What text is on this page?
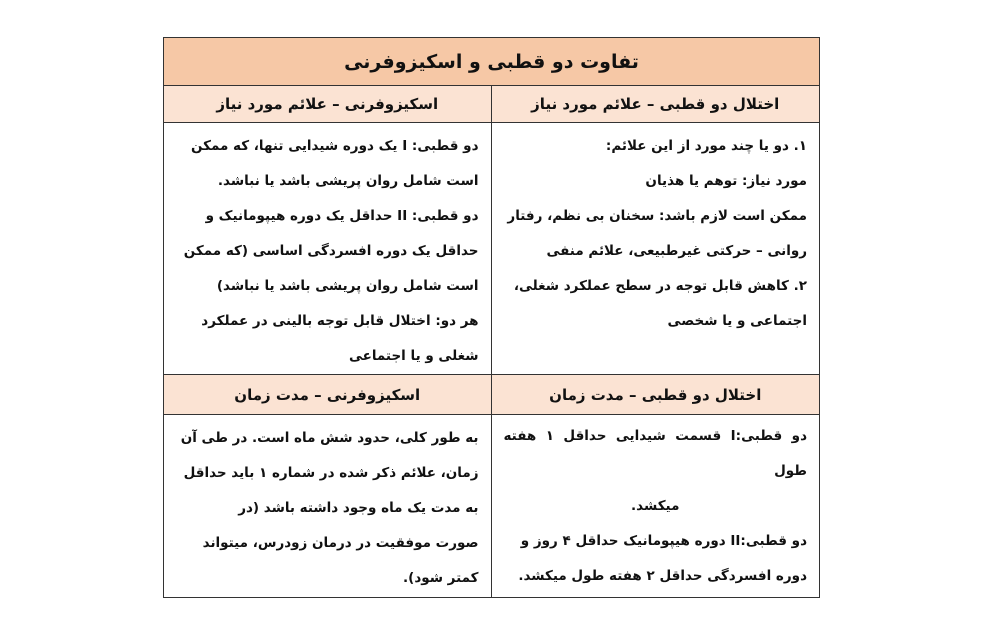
تفاوت دو قطبی و اسکیزوفرنی
اختلال دو قطبی – علائم مورد نیاز
اسکیزوفرنی – علائم مورد نیاز
۱. دو یا چند مورد از این علائم:
مورد نیاز: توهم یا هذیان
ممکن است لازم باشد: سخنان بی نظم، رفتار
روانی – حرکتی غیرطبیعی، علائم منفی
۲. کاهش قابل توجه در سطح عملکرد شغلی،
اجتماعی و یا شخصی
دو قطبی: I یک دوره شیدایی تنها، که ممکن
است شامل روان پریشی باشد یا نباشد.
دو قطبی: II حداقل یک دوره هیپومانیک و
حداقل یک دوره افسردگی اساسی (که ممکن
است شامل روان پریشی باشد یا نباشد)
هر دو: اختلال قابل توجه بالینی در عملکرد
شغلی و یا اجتماعی
اختلال دو قطبی – مدت زمان
اسکیزوفرنی – مدت زمان
دو قطبی:I قسمت شیدایی حداقل ۱ هفته طول
میکشد.
دو قطبی:II دوره هیپومانیک حداقل ۴ روز و
دوره افسردگی حداقل ۲ هفته طول میکشد.
به طور کلی، حدود شش ماه است. در طی آن
زمان، علائم ذکر شده در شماره ۱ باید حداقل
به مدت یک ماه وجود داشته باشد (در
صورت موفقیت در درمان زودرس، میتواند
کمتر شود).
